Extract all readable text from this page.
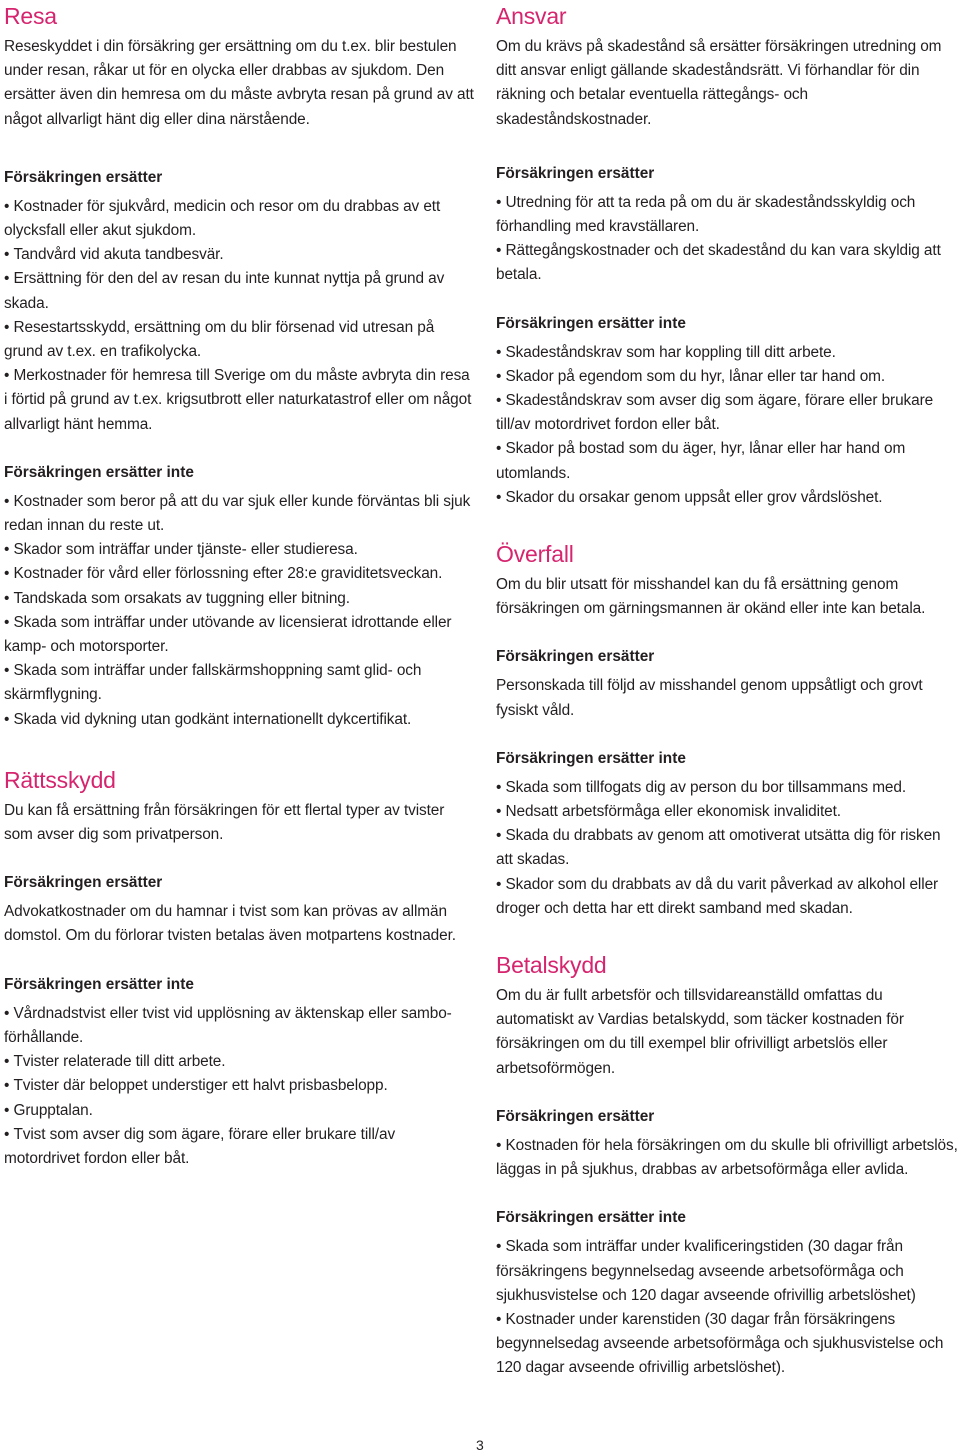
Resa

Reseskyddet i din försäkring ger ersättning om du t.ex. blir bestulen under resan, råkar ut för en olycka eller drabbas av sjukdom. Den ersätter även din hemresa om du måste avbryta resan på grund av att något allvarligt hänt dig eller dina närstående.

Försäkringen ersätter
• Kostnader för sjukvård, medicin och resor om du drabbas av ett olycksfall eller akut sjukdom.
• Tandvård vid akuta tandbesvär.
• Ersättning för den del av resan du inte kunnat nyttja på grund av skada.
• Resestartsskydd, ersättning om du blir försenad vid utresan på grund av t.ex. en trafikolycka.
• Merkostnader för hemresa till Sverige om du måste avbryta din resa i förtid på grund av t.ex. krigsutbrott eller naturkatastrof eller om något allvarligt hänt hemma.
Försäkringen ersätter inte
• Kostnader som beror på att du var sjuk eller kunde förväntas bli sjuk redan innan du reste ut.
• Skador som inträffar under tjänste- eller studieresa.
• Kostnader för vård eller förlossning efter 28:e graviditetsveckan.
• Tandskada som orsakats av tuggning eller bitning.
• Skada som inträffar under utövande av licensierat idrottande eller kamp- och motorsporter.
• Skada som inträffar under fallskärmshoppning samt glid- och skärmflygning.
• Skada vid dykning utan godkänt internationellt dykcertifikat.
Rättsskydd

Du kan få ersättning från försäkringen för ett flertal typer av tvister som avser dig som privatperson.

Försäkringen ersätter

Advokatkostnader om du hamnar i tvist som kan prövas av allmän domstol. Om du förlorar tvisten betalas även motpartens kostnader.

Försäkringen ersätter inte
• Vårdnadstvist eller tvist vid upplösning av äktenskap eller sambo-förhållande.
• Tvister relaterade till ditt arbete.
• Tvister där beloppet understiger ett halvt prisbasbelopp.
• Grupptalan.
• Tvist som avser dig som ägare, förare eller brukare till/av motordrivet fordon eller båt.
Ansvar

Om du krävs på skadestånd så ersätter försäkringen utredning om ditt ansvar enligt gällande skadeståndsrätt. Vi förhandlar för din räkning och betalar eventuella rättegångs- och skadeståndskostnader.

Försäkringen ersätter
• Utredning för att ta reda på om du är skadeståndsskyldig och förhandling med kravställaren.
• Rättegångskostnader och det skadestånd du kan vara skyldig att betala.
Försäkringen ersätter inte
• Skadeståndskrav som har koppling till ditt arbete.
• Skador på egendom som du hyr, lånar eller tar hand om.
• Skadeståndskrav som avser dig som ägare, förare eller brukare till/av motordrivet fordon eller båt.
• Skador på bostad som du äger, hyr, lånar eller har hand om utomlands.
• Skador du orsakar genom uppsåt eller grov vårdslöshet.
Överfall

Om du blir utsatt för misshandel kan du få ersättning genom försäkringen om gärningsmannen är okänd eller inte kan betala.

Försäkringen ersätter

Personskada till följd av misshandel genom uppsåtligt och grovt fysiskt våld.

Försäkringen ersätter inte
• Skada som tillfogats dig av person du bor tillsammans med.
• Nedsatt arbetsförmåga eller ekonomisk invaliditet.
• Skada du drabbats av genom att omotiverat utsätta dig för risken att skadas.
• Skador som du drabbats av då du varit påverkad av alkohol eller droger och detta har ett direkt samband med skadan.
Betalskydd

Om du är fullt arbetsför och tillsvidareanställd omfattas du automatiskt av Vardias betalskydd, som täcker kostnaden för försäkringen om du till exempel blir ofrivilligt arbetslös eller arbetsoförmögen.

Försäkringen ersätter
• Kostnaden för hela försäkringen om du skulle bli ofrivilligt arbetslös, läggas in på sjukhus, drabbas av arbetsoförmåga eller avlida.
Försäkringen ersätter inte
• Skada som inträffar under kvalificeringstiden (30 dagar från försäkringens begynnelsedag avseende arbetsoförmåga och sjukhusvistelse och 120 dagar avseende ofrivillig arbetslöshet)
• Kostnader under karenstiden (30 dagar från försäkringens begynnelsedag avseende arbetsoförmåga och sjukhusvistelse och 120 dagar avseende ofrivillig arbetslöshet).
3
